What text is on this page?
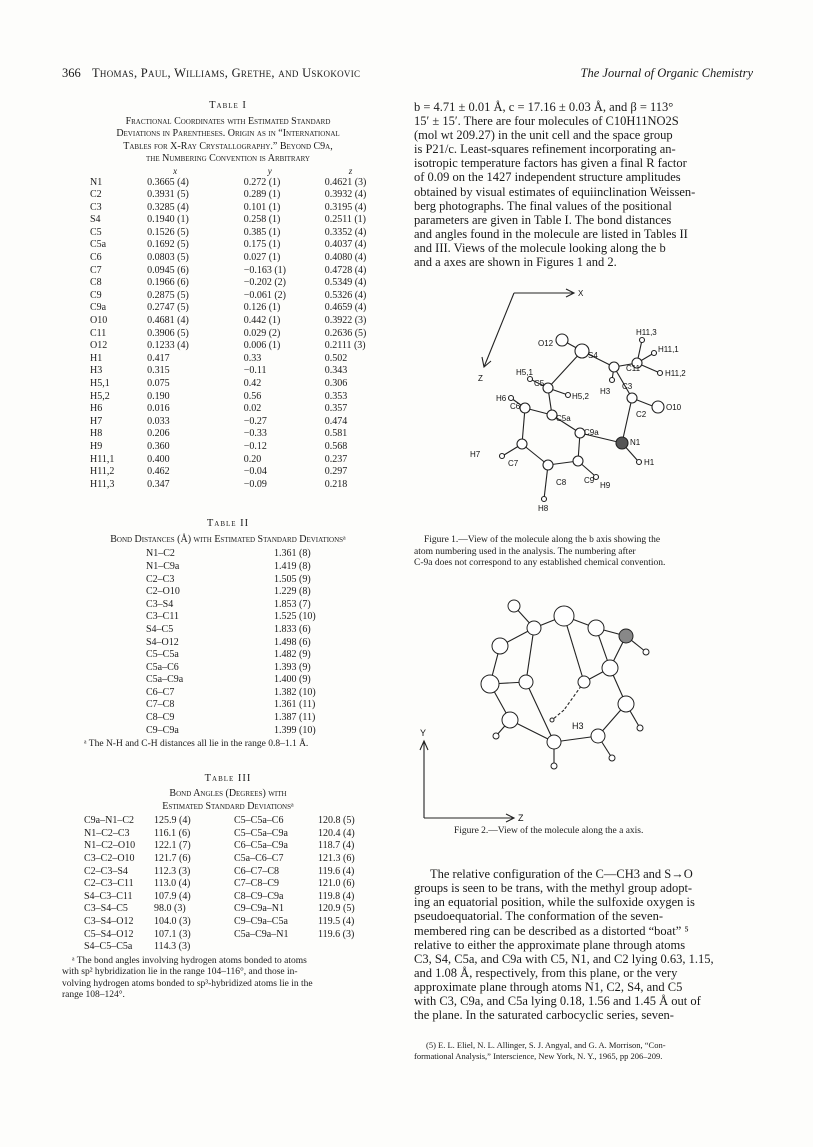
366 Thomas, Paul, Williams, Grethe, and Uskokovic	The Journal of Organic Chemistry
Table I
Fractional Coordinates with Estimated Standard
Deviations in Parentheses. Origin as in “International
Tables for X-Ray Crystallography.” Beyond C9a,
the Numbering Convention is Arbitrary
	x	y	z
N1	0.3665 (4)	0.272 (1)	0.4621 (3)
C2	0.3931 (5)	0.289 (1)	0.3932 (4)
C3	0.3285 (4)	0.101 (1)	0.3195 (4)
S4	0.1940 (1)	0.258 (1)	0.2511 (1)
C5	0.1526 (5)	0.385 (1)	0.3352 (4)
C5a	0.1692 (5)	0.175 (1)	0.4037 (4)
C6	0.0803 (5)	0.027 (1)	0.4080 (4)
C7	0.0945 (6)	−0.163 (1)	0.4728 (4)
C8	0.1966 (6)	−0.202 (2)	0.5349 (4)
C9	0.2875 (5)	−0.061 (2)	0.5326 (4)
C9a	0.2747 (5)	0.126 (1)	0.4659 (4)
O10	0.4681 (4)	0.442 (1)	0.3922 (3)
C11	0.3906 (5)	0.029 (2)	0.2636 (5)
O12	0.1233 (4)	0.006 (1)	0.2111 (3)
H1	0.417	0.33	0.502
H3	0.315	−0.11	0.343
H5,1	0.075	0.42	0.306
H5,2	0.190	0.56	0.353
H6	0.016	0.02	0.357
H7	0.033	−0.27	0.474
H8	0.206	−0.33	0.581
H9	0.360	−0.12	0.568
H11,1	0.400	0.20	0.237
H11,2	0.462	−0.04	0.297
H11,3	0.347	−0.09	0.218
Table II
Bond Distances (Å) with Estimated Standard Deviationsᵃ
N1–C2	1.361 (8)
N1–C9a	1.419 (8)
C2–C3	1.505 (9)
C2–O10	1.229 (8)
C3–S4	1.853 (7)
C3–C11	1.525 (10)
S4–C5	1.833 (6)
S4–O12	1.498 (6)
C5–C5a	1.482 (9)
C5a–C6	1.393 (9)
C5a–C9a	1.400 (9)
C6–C7	1.382 (10)
C7–C8	1.361 (11)
C8–C9	1.387 (11)
C9–C9a	1.399 (10)
ᵃ The N-H and C-H distances all lie in the range 0.8–1.1 Å.
Table III
Bond Angles (Degrees) with
Estimated Standard Deviationsᵃ
C9a–N1–C2	125.9 (4)	C5–C5a–C6	120.8 (5)
N1–C2–C3	116.1 (6)	C5–C5a–C9a	120.4 (4)
N1–C2–O10	122.1 (7)	C6–C5a–C9a	118.7 (4)
C3–C2–O10	121.7 (6)	C5a–C6–C7	121.3 (6)
C2–C3–S4	112.3 (3)	C6–C7–C8	119.6 (4)
C2–C3–C11	113.0 (4)	C7–C8–C9	121.0 (6)
S4–C3–C11	107.9 (4)	C8–C9–C9a	119.8 (4)
C3–S4–C5	98.0 (3)	C9–C9a–N1	120.9 (5)
C3–S4–O12	104.0 (3)	C9–C9a–C5a	119.5 (4)
C5–S4–O12	107.1 (3)	C5a–C9a–N1	119.6 (3)
S4–C5–C5a	114.3 (3)		
ᵃ The bond angles involving hydrogen atoms bonded to atoms
with sp² hybridization lie in the range 104–116°, and those in-
volving hydrogen atoms bonded to sp³-hybridized atoms lie in the
range 108–124°.
b = 4.71 ± 0.01 Å, c = 17.16 ± 0.03 Å, and β = 113°
15′ ± 15′. There are four molecules of C10H11NO2S
(mol wt 209.27) in the unit cell and the space group
is P21/c. Least-squares refinement incorporating an-
isotropic temperature factors has given a final R factor
of 0.09 on the 1427 independent structure amplitudes
obtained by visual estimates of equiinclination Weissen-
berg photographs. The final values of the positional
parameters are given in Table I. The bond distances
and angles found in the molecule are listed in Tables II
and III. Views of the molecule looking along the b
and a axes are shown in Figures 1 and 2.
X
Z
O12
S4
H11,3
H11,1
C11
H11,2
H5,1
C5	C3
H3
H6	H5,2
C2
O10
C6
C5a
C9a
N1
H7
H1
C7
C8 C9
H9
H8
Figure 1.—View of the molecule along the b axis showing the
atom numbering used in the analysis. The numbering after
C-9a does not correspond to any established chemical convention.
Y
Z
H3
Figure 2.—View of the molecule along the a axis.
The relative configuration of the C—CH3 and S→O
groups is seen to be trans, with the methyl group adopt-
ing an equatorial position, while the sulfoxide oxygen is
pseudoequatorial. The conformation of the seven-
membered ring can be described as a distorted “boat” ⁵
relative to either the approximate plane through atoms
C3, S4, C5a, and C9a with C5, N1, and C2 lying 0.63, 1.15,
and 1.08 Å, respectively, from this plane, or the very
approximate plane through atoms N1, C2, S4, and C5
with C3, C9a, and C5a lying 0.18, 1.56 and 1.45 Å out of
the plane. In the saturated carbocyclic series, seven-
(5) E. L. Eliel, N. L. Allinger, S. J. Angyal, and G. A. Morrison, “Con-
formational Analysis,” Interscience, New York, N. Y., 1965, pp 206–209.
